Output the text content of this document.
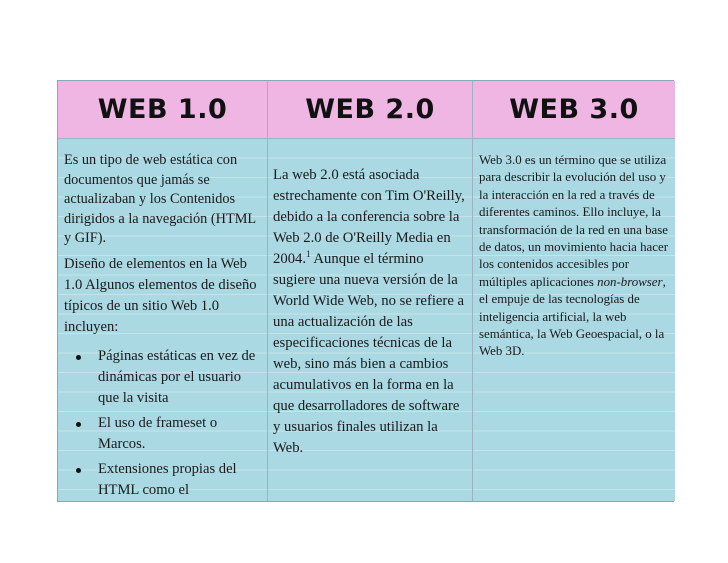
WEB 1.0	WEB 2.0	WEB 3.0

Es un tipo de web estática con documentos que jamás se actualizaban y los Contenidos dirigidos a la navegación (HTML y GIF).

Diseño de elementos en la Web 1.0 Algunos elementos de diseño típicos de un sitio Web 1.0 incluyen:

Páginas estáticas en vez de dinámicas por el usuario que la visita
El uso de frameset o Marcos.
Extensiones propias del HTML como el
La web 2.0 está asociada estrechamente con Tim O'Reilly, debido a la conferencia sobre la Web 2.0 de O'Reilly Media en 2004.$^1$ Aunque el término sugiere una nueva versión de la World Wide Web, no se refiere a una actualización de las especificaciones técnicas de la web, sino más bien a cambios acumulativos en la forma en la que desarrolladores de software y usuarios finales utilizan la Web.
Web 3.0 es un término que se utiliza para describir la evolución del uso y la interacción en la red a través de diferentes caminos. Ello incluye, la transformación de la red en una base de datos, un movimiento hacia hacer los contenidos accesibles por múltiples aplicaciones non-browser, el empuje de las tecnologías de inteligencia artificial, la web semántica, la Web Geoespacial, o la Web 3D.
